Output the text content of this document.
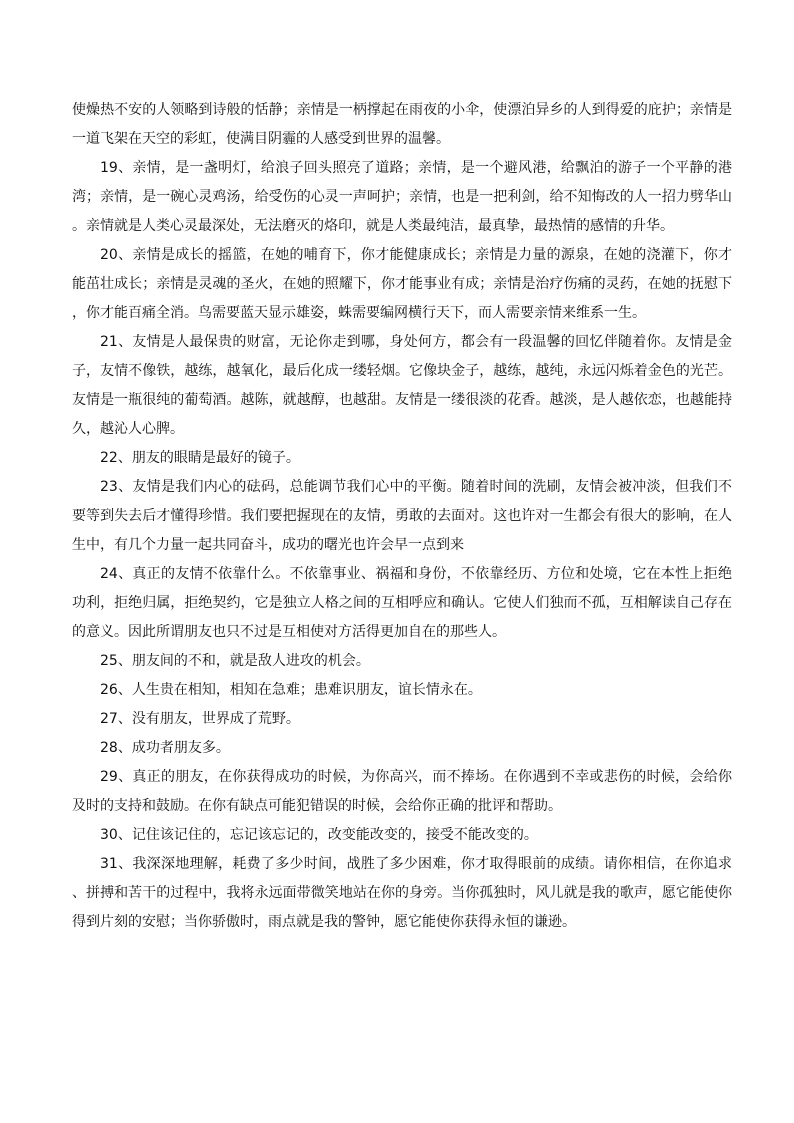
使燥热不安的人领略到诗般的恬静；亲情是一柄撑起在雨夜的小伞，使漂泊异乡的人到得爱的庇护；亲情是一道飞架在天空的彩虹，使满目阴霾的人感受到世界的温馨。

19、亲情，是一盏明灯，给浪子回头照亮了道路；亲情，是一个避风港，给飘泊的游子一个平静的港湾；亲情，是一碗心灵鸡汤，给受伤的心灵一声呵护；亲情，也是一把利剑，给不知悔改的人一招力劈华山。亲情就是人类心灵最深处，无法磨灭的烙印，就是人类最纯洁，最真挚，最热情的感情的升华。

20、亲情是成长的摇篮，在她的哺育下，你才能健康成长；亲情是力量的源泉，在她的浇灌下，你才能茁壮成长；亲情是灵魂的圣火，在她的照耀下，你才能事业有成；亲情是治疗伤痛的灵药，在她的抚慰下，你才能百痛全消。鸟需要蓝天显示雄姿，蛛需要编网横行天下，而人需要亲情来维系一生。

21、友情是人最保贵的财富，无论你走到哪，身处何方，都会有一段温馨的回忆伴随着你。友情是金子，友情不像铁，越练，越氧化，最后化成一缕轻烟。它像块金子，越练，越纯，永远闪烁着金色的光芒。友情是一瓶很纯的葡萄酒。越陈，就越醇，也越甜。友情是一缕很淡的花香。越淡，是人越依恋，也越能持久，越沁人心脾。

22、朋友的眼睛是最好的镜子。

23、友情是我们内心的砝码，总能调节我们心中的平衡。随着时间的洗刷，友情会被冲淡，但我们不要等到失去后才懂得珍惜。我们要把握现在的友情，勇敢的去面对。这也许对一生都会有很大的影响，在人生中，有几个力量一起共同奋斗，成功的曙光也许会早一点到来

24、真正的友情不依靠什么。不依靠事业、祸福和身份，不依靠经历、方位和处境，它在本性上拒绝功利，拒绝归属，拒绝契约，它是独立人格之间的互相呼应和确认。它使人们独而不孤，互相解读自己存在的意义。因此所谓朋友也只不过是互相使对方活得更加自在的那些人。

25、朋友间的不和，就是敌人进攻的机会。

26、人生贵在相知，相知在急难；患难识朋友，谊长情永在。

27、没有朋友，世界成了荒野。

28、成功者朋友多。

29、真正的朋友，在你获得成功的时候，为你高兴，而不捧场。在你遇到不幸或悲伤的时候，会给你及时的支持和鼓励。在你有缺点可能犯错误的时候，会给你正确的批评和帮助。

30、记住该记住的，忘记该忘记的，改变能改变的，接受不能改变的。

31、我深深地理解，耗费了多少时间，战胜了多少困难，你才取得眼前的成绩。请你相信，在你追求、拼搏和苦干的过程中，我将永远面带微笑地站在你的身旁。当你孤独时，风儿就是我的歌声，愿它能使你得到片刻的安慰；当你骄傲时，雨点就是我的警钟，愿它能使你获得永恒的谦逊。
